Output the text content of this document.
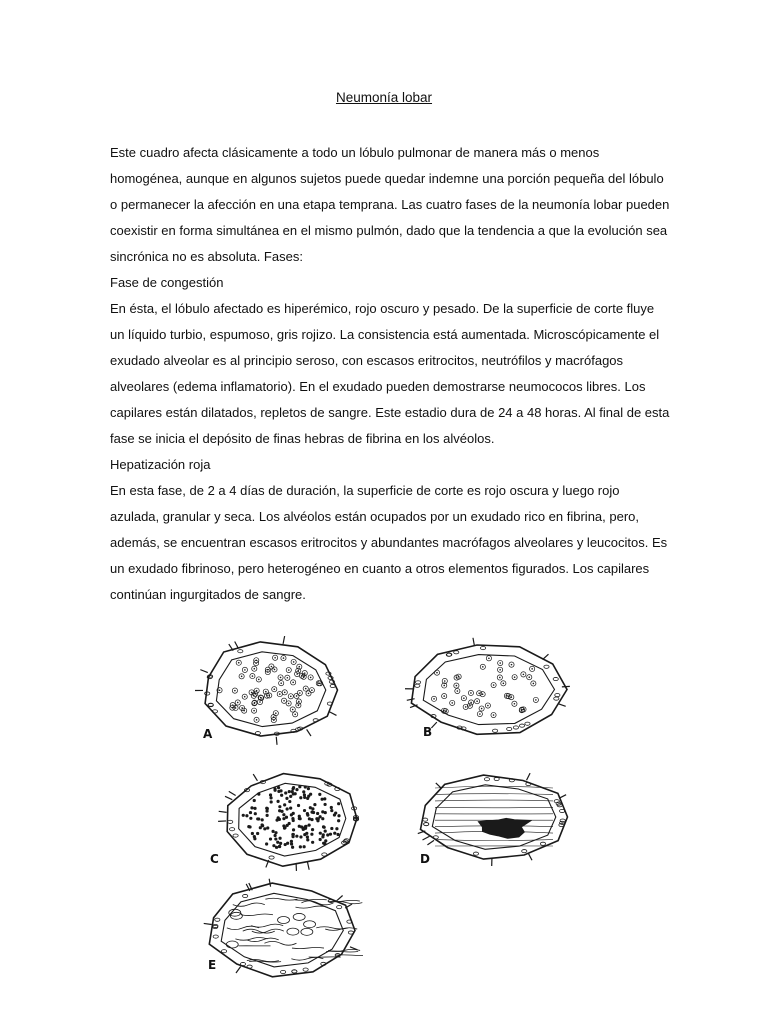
Neumonía lobar

Este cuadro afecta clásicamente a todo un lóbulo pulmonar de manera más o menos homogénea, aunque en algunos sujetos puede quedar indemne una porción pequeña del lóbulo o permanecer la afección en una etapa temprana. Las cuatro fases de la neumonía lobar pueden coexistir en forma simultánea en el mismo pulmón, dado que la tendencia a que la evolución sea sincrónica no es absoluta. Fases:

Fase de congestión

En ésta, el lóbulo afectado es hiperémico, rojo oscuro y pesado. De la superficie de corte fluye un líquido turbio, espumoso, gris rojizo. La consistencia está aumentada. Microscópicamente el exudado alveolar es al principio seroso, con escasos eritrocitos, neutrófilos y macrófagos alveolares (edema inflamatorio). En el exudado pueden demostrarse neumococos libres. Los capilares están dilatados, repletos de sangre. Este estadio dura de 24 a 48 horas. Al final de esta fase se inicia el depósito de finas hebras de fibrina en los alvéolos.

Hepatización roja

En esta fase, de 2 a 4 días de duración, la superficie de corte es rojo oscura y luego rojo azulada, granular y seca. Los alvéolos están ocupados por un exudado rico en fibrina, pero, además, se encuentran escasos eritrocitos y abundantes macrófagos alveolares y leucocitos. Es un exudado fibrinoso, pero heterogéneo en cuanto a otros elementos figurados. Los capilares continúan ingurgitados de sangre.

A	B
C	D
E
